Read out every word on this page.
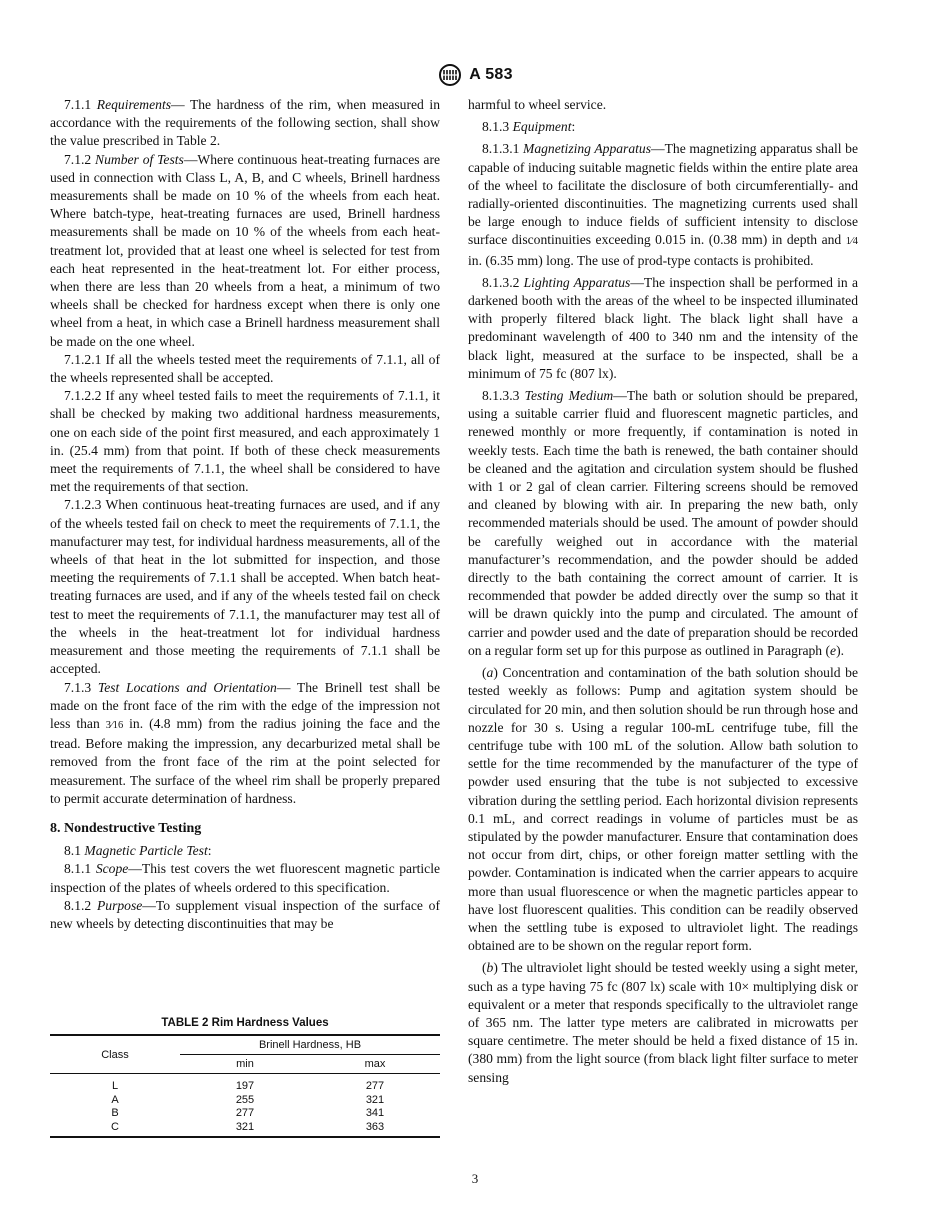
A 583

7.1.1 Requirements— The hardness of the rim, when measured in accordance with the requirements of the following section, shall show the value prescribed in Table 2.

7.1.2 Number of Tests—Where continuous heat-treating furnaces are used in connection with Class L, A, B, and C wheels, Brinell hardness measurements shall be made on 10 % of the wheels from each heat. Where batch-type, heat-treating furnaces are used, Brinell hardness measurements shall be made on 10 % of the wheels from each heat-treatment lot, provided that at least one wheel is selected for test from each heat represented in the heat-treatment lot. For either process, when there are less than 20 wheels from a heat, a minimum of two wheels shall be checked for hardness except when there is only one wheel from a heat, in which case a Brinell hardness measurement shall be made on the one wheel.

7.1.2.1 If all the wheels tested meet the requirements of 7.1.1, all of the wheels represented shall be accepted.

7.1.2.2 If any wheel tested fails to meet the requirements of 7.1.1, it shall be checked by making two additional hardness measurements, one on each side of the point first measured, and each approximately 1 in. (25.4 mm) from that point. If both of these check measurements meet the requirements of 7.1.1, the wheel shall be considered to have met the requirements of that section.

7.1.2.3 When continuous heat-treating furnaces are used, and if any of the wheels tested fail on check to meet the requirements of 7.1.1, the manufacturer may test, for individual hardness measurements, all of the wheels of that heat in the lot submitted for inspection, and those meeting the requirements of 7.1.1 shall be accepted. When batch heat-treating furnaces are used, and if any of the wheels tested fail on check test to meet the requirements of 7.1.1, the manufacturer may test all of the wheels in the heat-treatment lot for individual hardness measurement and those meeting the requirements of 7.1.1 shall be accepted.

7.1.3 Test Locations and Orientation— The Brinell test shall be made on the front face of the rim with the edge of the impression not less than 3⁄16 in. (4.8 mm) from the radius joining the face and the tread. Before making the impression, any decarburized metal shall be removed from the front face of the rim at the point selected for measurement. The surface of the wheel rim shall be properly prepared to permit accurate determination of hardness.

8. Nondestructive Testing

8.1 Magnetic Particle Test:

8.1.1 Scope—This test covers the wet fluorescent magnetic particle inspection of the plates of wheels ordered to this specification.

8.1.2 Purpose—To supplement visual inspection of the surface of new wheels by detecting discontinuities that may be

TABLE 2 Rim Hardness Values
Class	Brinell Hardness, HB	
	min	max
L	197	277
A	255	321
B	277	341
C	321	363

harmful to wheel service.

8.1.3 Equipment:

8.1.3.1 Magnetizing Apparatus—The magnetizing apparatus shall be capable of inducing suitable magnetic fields within the entire plate area of the wheel to facilitate the disclosure of both circumferentially- and radially-oriented discontinuities. The magnetizing currents used shall be large enough to induce fields of sufficient intensity to disclose surface discontinuities exceeding 0.015 in. (0.38 mm) in depth and 1⁄4 in. (6.35 mm) long. The use of prod-type contacts is prohibited.

8.1.3.2 Lighting Apparatus—The inspection shall be performed in a darkened booth with the areas of the wheel to be inspected illuminated with properly filtered black light. The black light shall have a predominant wavelength of 400 to 340 nm and the intensity of the black light, measured at the surface to be inspected, shall be a minimum of 75 fc (807 lx).

8.1.3.3 Testing Medium—The bath or solution should be prepared, using a suitable carrier fluid and fluorescent magnetic particles, and renewed monthly or more frequently, if contamination is noted in weekly tests. Each time the bath is renewed, the bath container should be cleaned and the agitation and circulation system should be flushed with 1 or 2 gal of clean carrier. Filtering screens should be removed and cleaned by blowing with air. In preparing the new bath, only recommended materials should be used. The amount of powder should be carefully weighed out in accordance with the material manufacturer’s recommendation, and the powder should be added directly to the bath containing the correct amount of carrier. It is recommended that powder be added directly over the sump so that it will be drawn quickly into the pump and circulated. The amount of carrier and powder used and the date of preparation should be recorded on a regular form set up for this purpose as outlined in Paragraph (e).

(a) Concentration and contamination of the bath solution should be tested weekly as follows: Pump and agitation system should be circulated for 20 min, and then solution should be run through hose and nozzle for 30 s. Using a regular 100-mL centrifuge tube, fill the centrifuge tube with 100 mL of the solution. Allow bath solution to settle for the time recommended by the manufacturer of the type of powder used ensuring that the tube is not subjected to excessive vibration during the settling period. Each horizontal division represents 0.1 mL, and correct readings in volume of particles must be as stipulated by the powder manufacturer. Ensure that contamination does not occur from dirt, chips, or other foreign matter settling with the powder. Contamination is indicated when the carrier appears to acquire more than usual fluorescence or when the magnetic particles appear to have lost fluorescent qualities. This condition can be readily observed when the settling tube is exposed to ultraviolet light. The readings obtained are to be shown on the regular report form.

(b) The ultraviolet light should be tested weekly using a sight meter, such as a type having 75 fc (807 lx) scale with 10× multiplying disk or equivalent or a meter that responds specifically to the ultraviolet range of 365 nm. The latter type meters are calibrated in microwatts per square centimetre. The meter should be held a fixed distance of 15 in. (380 mm) from the light source (from black light filter surface to meter sensing

3
